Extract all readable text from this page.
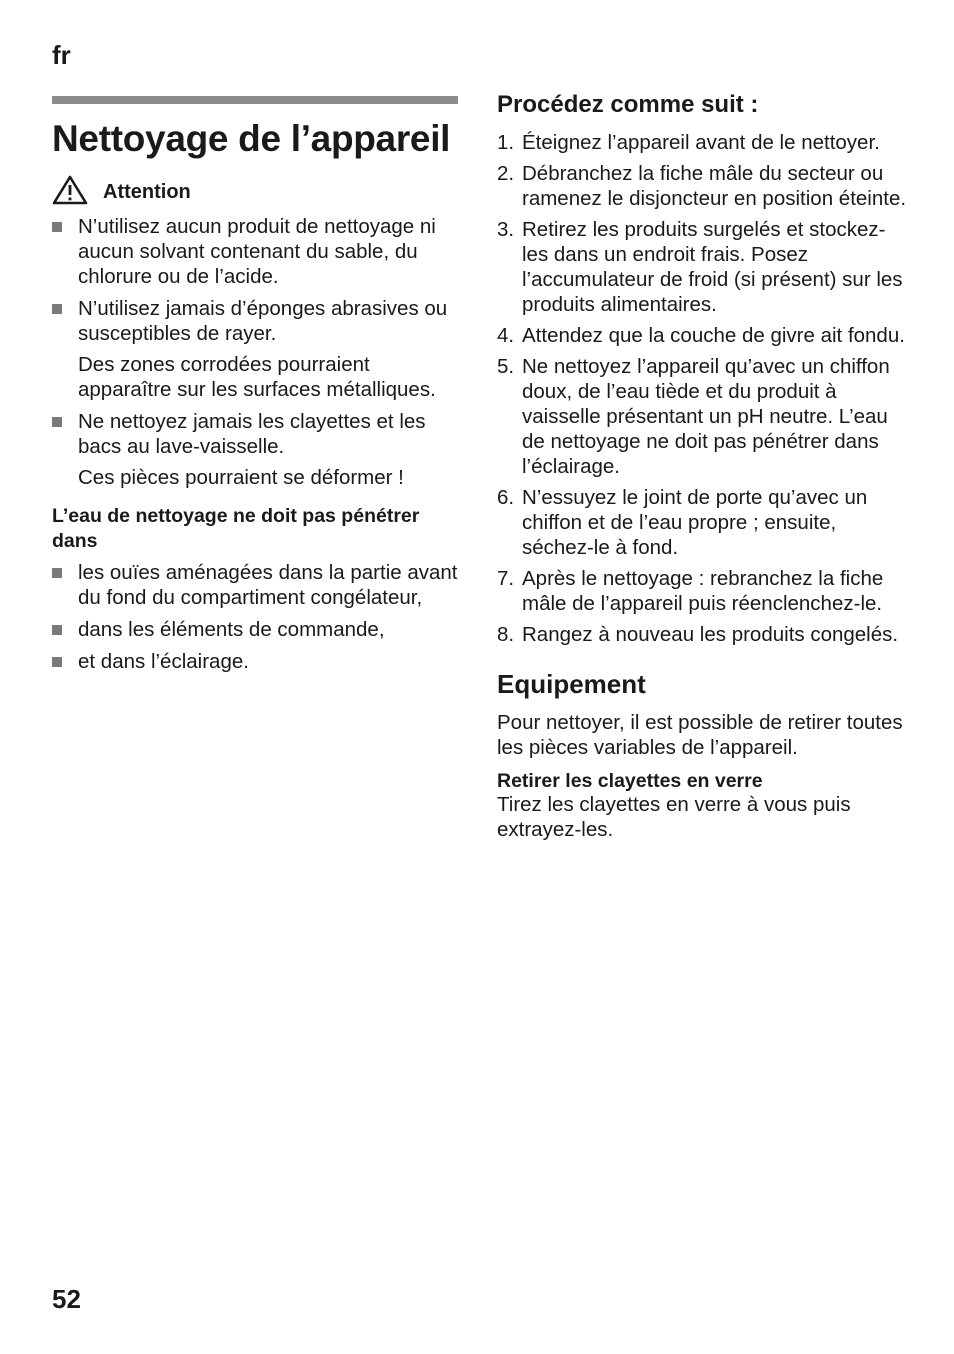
fr
Nettoyage de l’appareil
Attention
N’utilisez aucun produit de nettoyage ni aucun solvant contenant du sable, du chlorure ou de l’acide.
N’utilisez jamais d’éponges abrasives ou susceptibles de rayer.
Des zones corrodées pourraient apparaître sur les surfaces métalliques.
Ne nettoyez jamais les clayettes et les bacs au lave-vaisselle.
Ces pièces pourraient se déformer !
L’eau de nettoyage ne doit pas pénétrer dans
les ouïes aménagées dans la partie avant du fond du compartiment congélateur,
dans les éléments de commande,
et dans l’éclairage.
Procédez comme suit :
1. Éteignez l’appareil avant de le nettoyer.
2. Débranchez la fiche mâle du secteur ou ramenez le disjoncteur en position éteinte.
3. Retirez les produits surgelés et stockez-les dans un endroit frais. Posez l’accumulateur de froid (si présent) sur les produits alimentaires.
4. Attendez que la couche de givre ait fondu.
5. Ne nettoyez l’appareil qu’avec un chiffon doux, de l’eau tiède et du produit à vaisselle présentant un pH neutre. L’eau de nettoyage ne doit pas pénétrer dans l’éclairage.
6. N’essuyez le joint de porte qu’avec un chiffon et de l’eau propre ; ensuite, séchez-le à fond.
7. Après le nettoyage : rebranchez la fiche mâle de l’appareil puis réenclenchez-le.
8. Rangez à nouveau les produits congelés.
Equipement
Pour nettoyer, il est possible de retirer toutes les pièces variables de l’appareil.
Retirer les clayettes en verre
Tirez les clayettes en verre à vous puis extrayez-les.
52
